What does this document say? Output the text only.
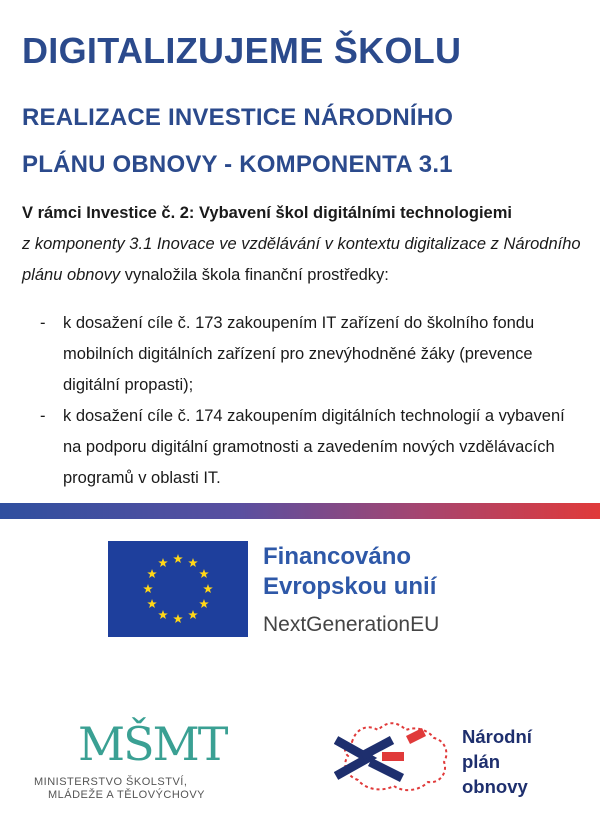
DIGITALIZUJEME ŠKOLU
REALIZACE INVESTICE NÁRODNÍHO
PLÁNU OBNOVY - KOMPONENTA 3.1
V rámci Investice č. 2: Vybavení škol digitálními technologiemi
z komponenty 3.1 Inovace ve vzdělávání v kontextu digitalizace z Národního plánu obnovy vynaložila škola finanční prostředky:
- k dosažení cíle č. 173 zakoupením IT zařízení do školního fondu mobilních digitálních zařízení pro znevýhodněné žáky (prevence digitální propasti);
- k dosažení cíle č. 174 zakoupením digitálních technologií a vybavení na podporu digitální gramotnosti a zavedením nových vzdělávacích programů v oblasti IT.
Financováno
Evropskou unií
NextGenerationEU
MŠMT
MINISTERSTVO ŠKOLSTVÍ,
MLÁDEŽE A TĚLOVÝCHOVY
Národní
plán
obnovy
